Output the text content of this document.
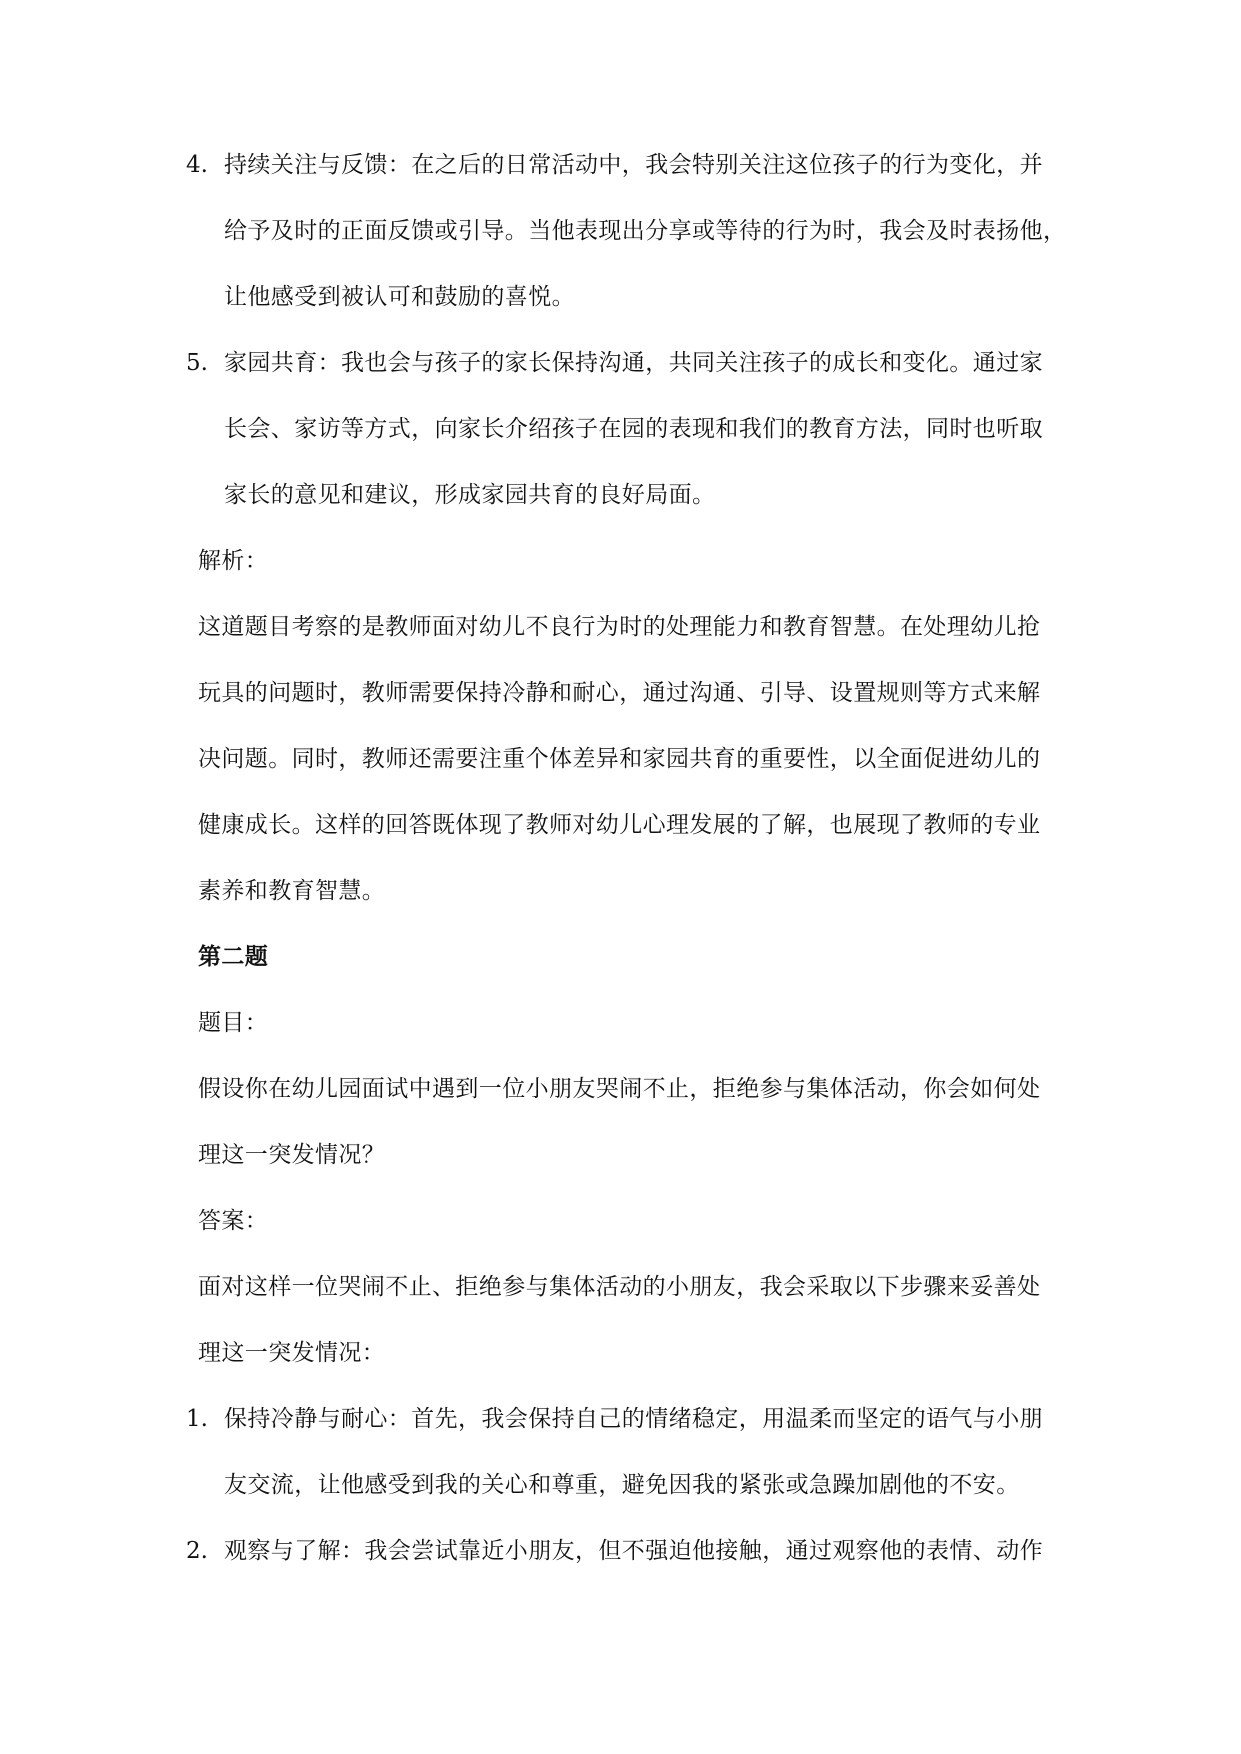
4. 持续关注与反馈：在之后的日常活动中，我会特别关注这位孩子的行为变化，并
给予及时的正面反馈或引导。当他表现出分享或等待的行为时，我会及时表扬他，
让他感受到被认可和鼓励的喜悦。
5. 家园共育：我也会与孩子的家长保持沟通，共同关注孩子的成长和变化。通过家
长会、家访等方式，向家长介绍孩子在园的表现和我们的教育方法，同时也听取
家长的意见和建议，形成家园共育的良好局面。
解析：
这道题目考察的是教师面对幼儿不良行为时的处理能力和教育智慧。在处理幼儿抢
玩具的问题时，教师需要保持冷静和耐心，通过沟通、引导、设置规则等方式来解
决问题。同时，教师还需要注重个体差异和家园共育的重要性，以全面促进幼儿的
健康成长。这样的回答既体现了教师对幼儿心理发展的了解，也展现了教师的专业
素养和教育智慧。
第二题
题目：
假设你在幼儿园面试中遇到一位小朋友哭闹不止，拒绝参与集体活动，你会如何处
理这一突发情况？
答案：
面对这样一位哭闹不止、拒绝参与集体活动的小朋友，我会采取以下步骤来妥善处
理这一突发情况：
1. 保持冷静与耐心：首先，我会保持自己的情绪稳定，用温柔而坚定的语气与小朋
友交流，让他感受到我的关心和尊重，避免因我的紧张或急躁加剧他的不安。
2. 观察与了解：我会尝试靠近小朋友，但不强迫他接触，通过观察他的表情、动作
